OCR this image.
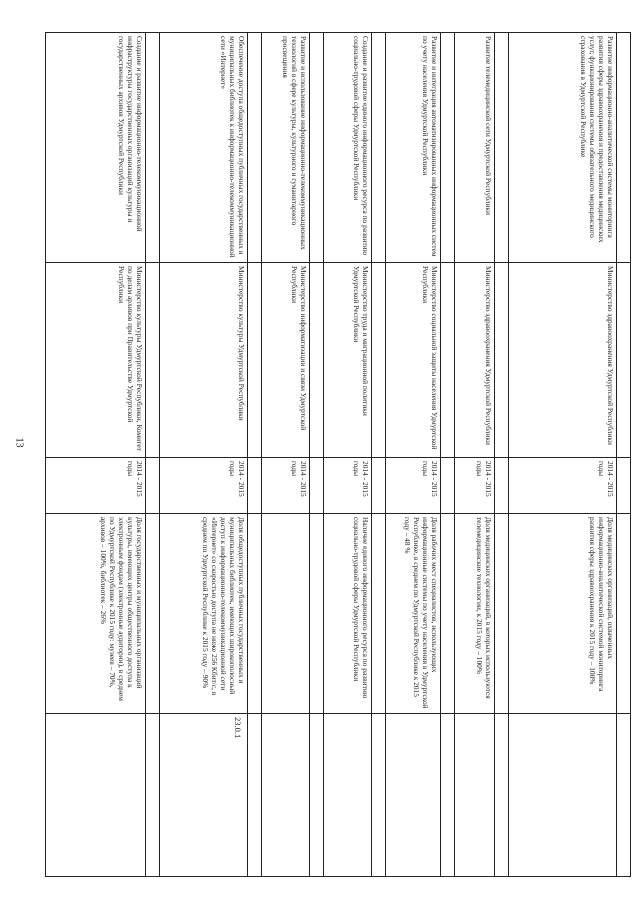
13

Развитие информационно-аналитической системы мониторинга развития сферы здравоохранения и предоставления медицинских услуг, функционирования системы обязательного медицинского страхования в Удмуртской Республике	Министерство здравоохранения Удмуртской Республики	2014 - 2015 годы	Доля медицинских организаций, охваченных информационно-аналитической системой мониторинга развития сферы здравоохранения к 2015 году – 100%	

Развитие телемедицинской сети Удмуртской Республики	Министерство здравоохранения Удмуртской Республики	2014 - 2015 годы	Доля медицинских организаций, в которых используются телемедицинские технологии, к 2015 году – 100%	

Развитие и интеграция автоматизированных информационных систем по учету населения Удмуртской Республики	Министерство социальной защиты населения Удмуртской Республики	2014 - 2015 годы	Доля рабочих мест специалистов, использующих информационные системы по учету населения в Удмуртской Республике, в среднем по Удмуртской Республике к 2015 году – 48 %	

Создание и развитие единого информационного ресурса по развитию социально-трудовой сферы Удмуртской Республики	Министерство труда и миграционной политики Удмуртской Республики	2014 - 2015 годы	Наличие единого информационного ресурса по развитию социально-трудовой сферы Удмуртской Республики	

Развитие и использование информационно-телекоммуникационных технологий в сфере культуры, культурного и гуманитарного просвещения	Министерство информатизации и связи Удмуртской Республики	2014 - 2015 годы		

Обеспечение доступа общедоступных публичных государственных и муниципальных библиотек к информационно-телекоммуникационной сети «Интернет»	Министерство культуры Удмуртской Республики	2014 - 2015 годы	Доля общедоступных публичных государственных и муниципальных библиотек, имеющих широкополосный доступ к информационно-телекоммуникационной сети «Интернет» со скоростью доступа не ниже 256 Кбит/с, в среднем по Удмуртской Республике к 2015 году – 90%	23.0.1

Создание и развитие информационно-телекоммуникационной инфраструктуры государственных организаций культуры и государственных архивов Удмуртской Республики	Министерство культуры Удмуртской Республики, Комитет по делам архивов при Правительстве Удмуртской Республики	2014 - 2015 годы	Доля государственных и муниципальных организаций культуры, имеющих центры общественного доступа к электронным фондам (электронные аудитории), в среднем по Удмуртской Республике к 2015 году: музеев – 70%, архивов – 100%, библиотек – 26%	
